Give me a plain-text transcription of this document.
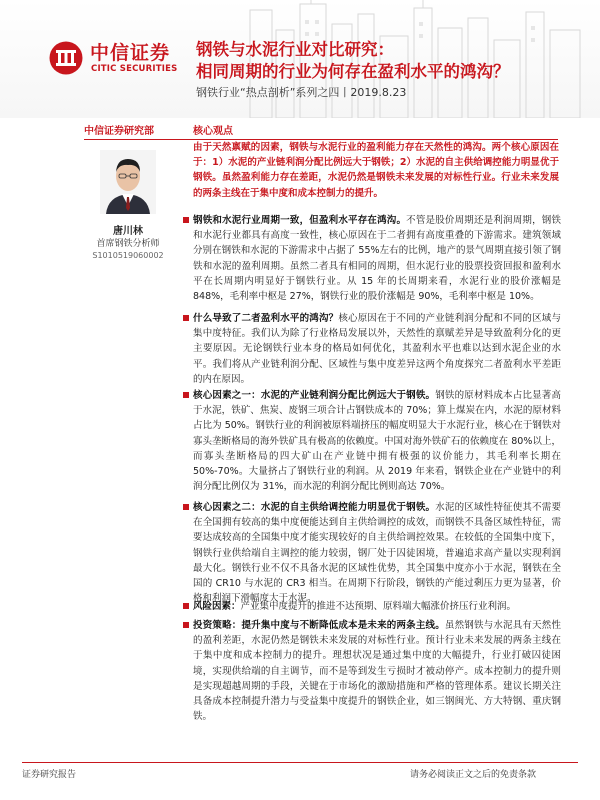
中信证券
CITIC SECURITIES
钢铁与水泥行业对比研究：
相同周期的行业为何存在盈利水平的鸿沟？
钢铁行业“热点剖析”系列之四丨2019.8.23
中信证券研究部	核心观点
唐川林
首席钢铁分析师
S1010519060002

由于天然禀赋的因素，钢铁与水泥行业的盈利能力存在天然性的鸿沟。两个核心原因在于：1）水泥的产业链利润分配比例远大于钢铁；2）水泥的自主供给调控能力明显优于钢铁。虽然盈利能力存在差距，水泥仍然是钢铁未来发展的对标性行业。行业未来发展的两条主线在于集中度和成本控制力的提升。

钢铁和水泥行业周期一致，但盈利水平存在鸿沟。不管是股价周期还是利润周期，钢铁和水泥行业都具有高度一致性，核心原因在于二者拥有高度重叠的下游需求。建筑领域分别在钢铁和水泥的下游需求中占据了 55%左右的比例，地产的景气周期直接引领了钢铁和水泥的盈利周期。虽然二者具有相同的周期，但水泥行业的股票投资回报和盈利水平在长周期内明显好于钢铁行业。从 15 年的长周期来看，水泥行业的股价涨幅是 848%，毛利率中枢是 27%，钢铁行业的股价涨幅是 90%，毛利率中枢是 10%。

什么导致了二者盈利水平的鸿沟？核心原因在于不同的产业链利润分配和不同的区域与集中度特征。我们认为除了行业格局发展以外，天然性的禀赋差异是导致盈利分化的更主要原因。无论钢铁行业本身的格局如何优化，其盈利水平也难以达到水泥企业的水平。我们将从产业链利润分配、区域性与集中度差异这两个角度探究二者盈利水平差距的内在原因。

核心因素之一：水泥的产业链利润分配比例远大于钢铁。钢铁的原材料成本占比显著高于水泥，铁矿、焦炭、废钢三项合计占钢铁成本的 70%；算上煤炭在内，水泥的原材料占比为 50%。钢铁行业的利润被原料端挤压的幅度明显大于水泥行业，核心在于钢铁对寡头垄断格局的海外铁矿具有极高的依赖度。中国对海外铁矿石的依赖度在 80%以上，而寡头垄断格局的四大矿山在产业链中拥有极强的议价能力，其毛利率长期在 50%-70%。大量挤占了钢铁行业的利润。从 2019 年来看，钢铁企业在产业链中的利润分配比例仅为 31%，而水泥的利润分配比例则高达 70%。

核心因素之二：水泥的自主供给调控能力明显优于钢铁。水泥的区域性特征使其不需要在全国拥有较高的集中度便能达到自主供给调控的成效，而钢铁不具备区域性特征，需要达成较高的全国集中度才能实现较好的自主供给调控效果。在较低的全国集中度下，钢铁行业供给端自主调控的能力较弱，钢厂处于囚徒困境，普遍追求高产量以实现利润最大化。钢铁行业不仅不具备水泥的区域性优势，其全国集中度亦小于水泥，钢铁在全国的 CR10 与水泥的 CR3 相当。在周期下行阶段，钢铁的产能过剩压力更为显著，价格和利润下滑幅度大于水泥。

风险因素：产业集中度提升的推进不达预期、原料端大幅涨价挤压行业利润。

投资策略：提升集中度与不断降低成本是未来的两条主线。虽然钢铁与水泥具有天然性的盈利差距，水泥仍然是钢铁未来发展的对标性行业。预计行业未来发展的两条主线在于集中度和成本控制力的提升。理想状况是通过集中度的大幅提升，行业打破囚徒困境，实现供给端的自主调节，而不是等到发生亏损时才被动停产。成本控制力的提升则是实现超越周期的手段，关键在于市场化的激励措施和严格的管理体系。建议长期关注具备成本控制提升潜力与受益集中度提升的钢铁企业，如三钢闽光、方大特钢、重庆钢铁。

证券研究报告	请务必阅读正文之后的免责条款
